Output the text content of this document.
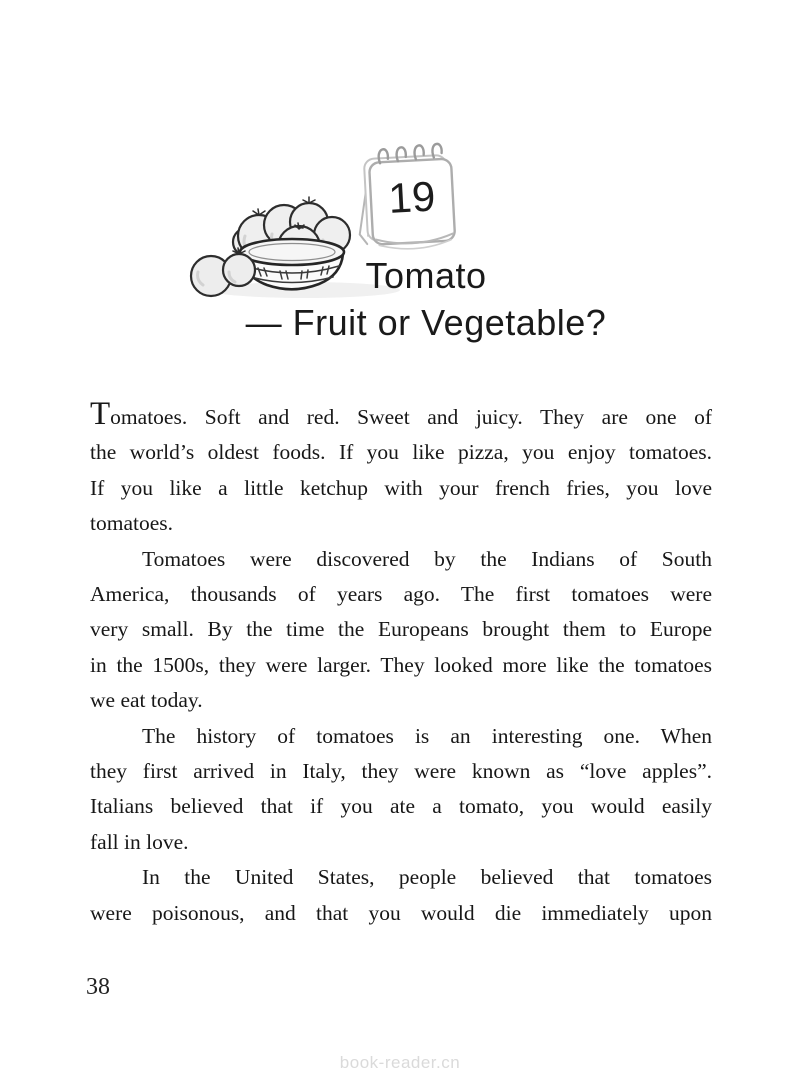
19
Tomato
— Fruit or Vegetable?
Tomatoes. Soft and red. Sweet and juicy. They are one of
the world’s oldest foods. If you like pizza, you enjoy tomatoes.
If you like a little ketchup with your french fries, you love
tomatoes.
Tomatoes were discovered by the Indians of South
America, thousands of years ago. The first tomatoes were
very small. By the time the Europeans brought them to Europe
in the 1500s, they were larger. They looked more like the tomatoes
we eat today.
The history of tomatoes is an interesting one. When
they first arrived in Italy, they were known as “love apples”.
Italians believed that if you ate a tomato, you would easily
fall in love.
In the United States, people believed that tomatoes
were poisonous, and that you would die immediately upon
38
book-reader.cn
